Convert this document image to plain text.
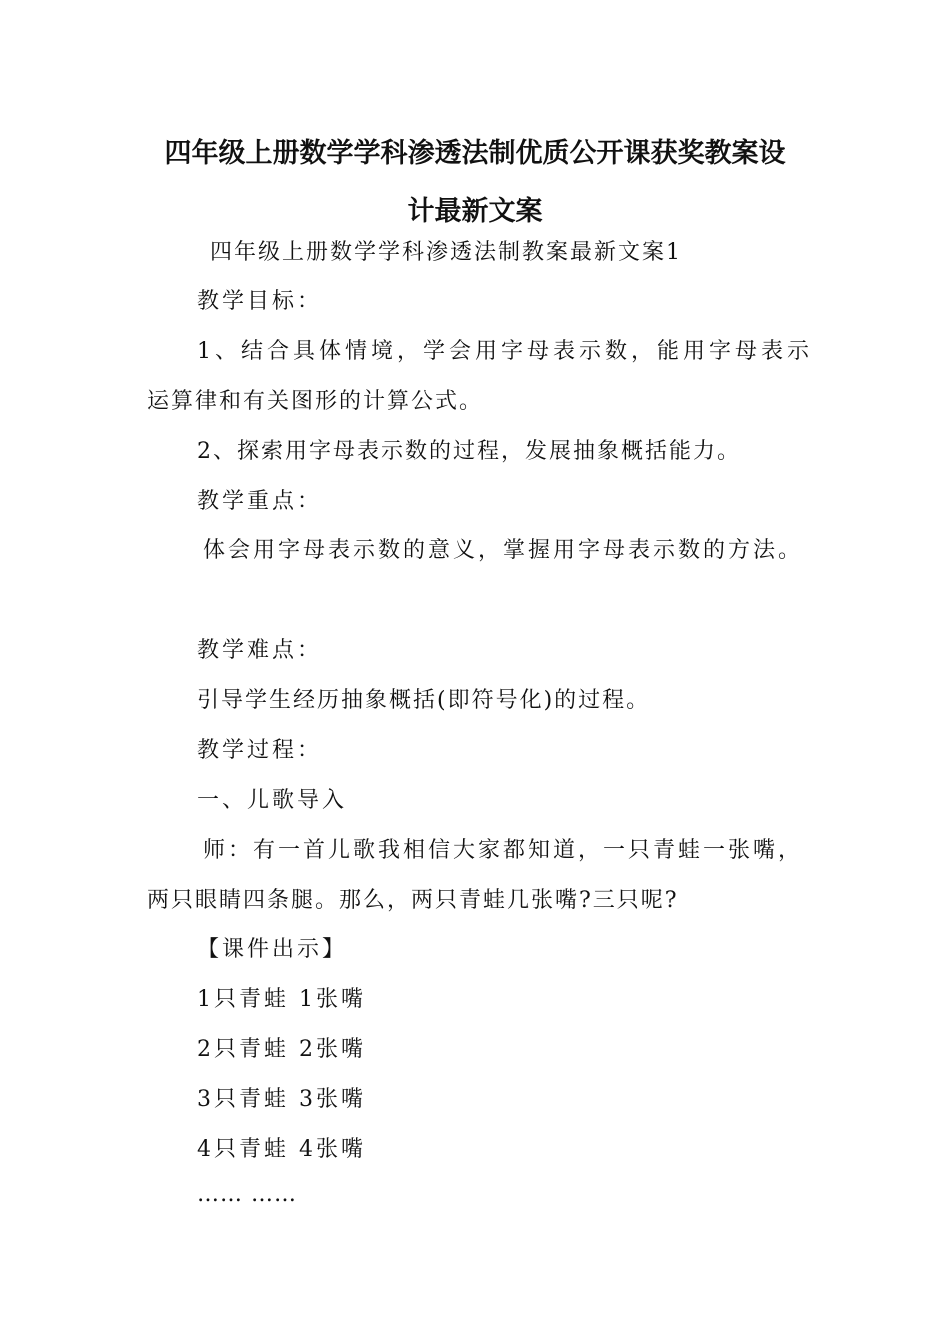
四年级上册数学学科渗透法制优质公开课获奖教案设
计最新文案
四年级上册数学学科渗透法制教案最新文案1
教学目标：
1、结合具体情境，学会用字母表示数，能用字母表示
运算律和有关图形的计算公式。
2、探索用字母表示数的过程，发展抽象概括能力。
教学重点：
体会用字母表示数的意义，掌握用字母表示数的方法。
教学难点：
引导学生经历抽象概括(即符号化)的过程。
教学过程：
一、儿歌导入
师：有一首儿歌我相信大家都知道，一只青蛙一张嘴，
两只眼睛四条腿。那么，两只青蛙几张嘴?三只呢?
【课件出示】
1只青蛙 1张嘴
2只青蛙 2张嘴
3只青蛙 3张嘴
4只青蛙 4张嘴
…… ……
